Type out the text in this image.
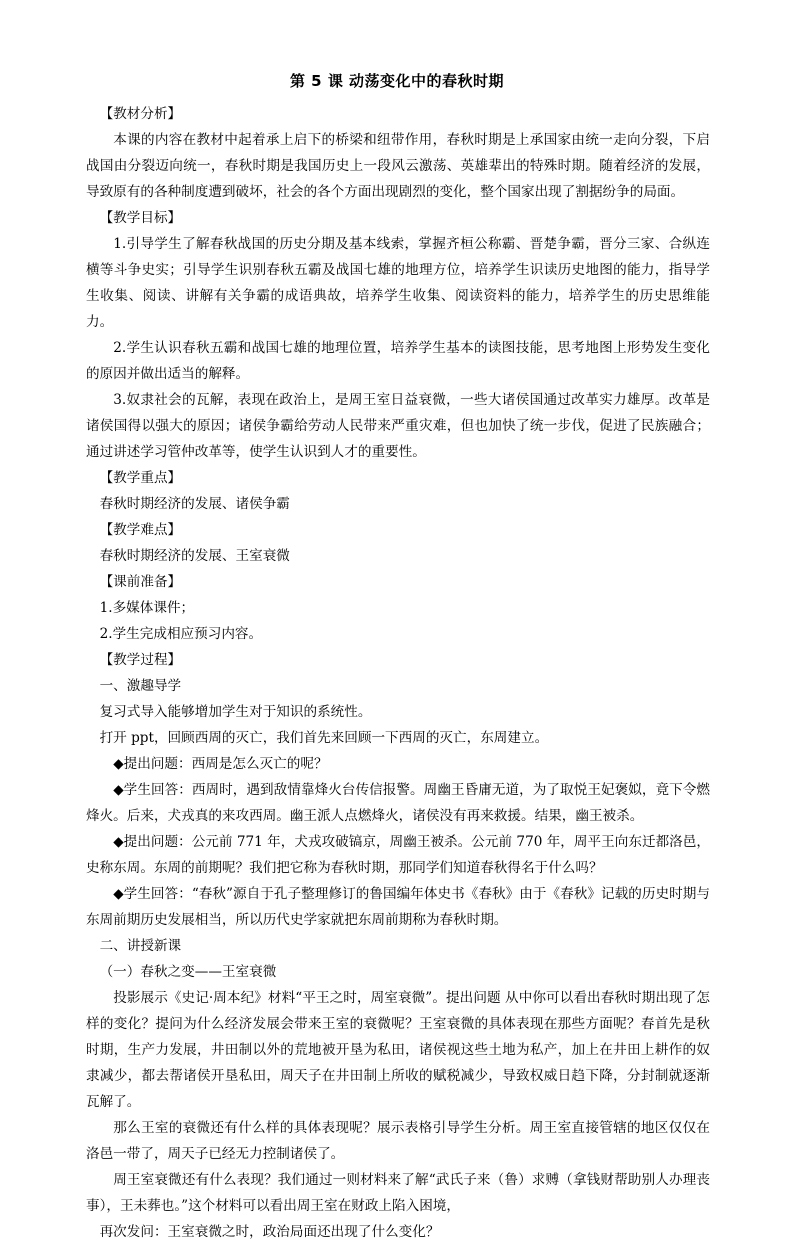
第 5 课 动荡变化中的春秋时期

【教材分析】

本课的内容在教材中起着承上启下的桥梁和纽带作用，春秋时期是上承国家由统一走向分裂，下启战国由分裂迈向统一，春秋时期是我国历史上一段风云激荡、英雄辈出的特殊时期。随着经济的发展，导致原有的各种制度遭到破坏，社会的各个方面出现剧烈的变化，整个国家出现了割据纷争的局面。

【教学目标】

1.引导学生了解春秋战国的历史分期及基本线索，掌握齐桓公称霸、晋楚争霸，晋分三家、合纵连横等斗争史实；引导学生识别春秋五霸及战国七雄的地理方位，培养学生识读历史地图的能力，指导学生收集、阅读、讲解有关争霸的成语典故，培养学生收集、阅读资料的能力，培养学生的历史思维能力。

2.学生认识春秋五霸和战国七雄的地理位置，培养学生基本的读图技能，思考地图上形势发生变化的原因并做出适当的解释。

3.奴隶社会的瓦解，表现在政治上，是周王室日益衰微，一些大诸侯国通过改革实力雄厚。改革是诸侯国得以强大的原因；诸侯争霸给劳动人民带来严重灾难，但也加快了统一步伐，促进了民族融合；通过讲述学习管仲改革等，使学生认识到人才的重要性。

【教学重点】

春秋时期经济的发展、诸侯争霸

【教学难点】

春秋时期经济的发展、王室衰微

【课前准备】

1.多媒体课件；

2.学生完成相应预习内容。

【教学过程】

一、激趣导学

复习式导入能够增加学生对于知识的系统性。

打开 ppt，回顾西周的灭亡，我们首先来回顾一下西周的灭亡，东周建立。

◆提出问题：西周是怎么灭亡的呢？

◆学生回答：西周时，遇到敌情靠烽火台传信报警。周幽王昏庸无道，为了取悦王妃褒姒，竟下令燃烽火。后来，犬戎真的来攻西周。幽王派人点燃烽火，诸侯没有再来救援。结果，幽王被杀。

◆提出问题：公元前 771 年，犬戎攻破镐京，周幽王被杀。公元前 770 年，周平王向东迁都洛邑，史称东周。东周的前期呢？我们把它称为春秋时期，那同学们知道春秋得名于什么吗？

◆学生回答：“春秋”源自于孔子整理修订的鲁国编年体史书《春秋》由于《春秋》记载的历史时期与东周前期历史发展相当，所以历代史学家就把东周前期称为春秋时期。

二、讲授新课

（一）春秋之变——王室衰微

投影展示《史记·周本纪》材料“平王之时，周室衰微”。提出问题 从中你可以看出春秋时期出现了怎样的变化？提问为什么经济发展会带来王室的衰微呢？王室衰微的具体表现在那些方面呢？春首先是秋时期，生产力发展，井田制以外的荒地被开垦为私田，诸侯视这些土地为私产，加上在井田上耕作的奴隶减少，都去帮诸侯开垦私田，周天子在井田制上所收的赋税减少，导致权威日趋下降，分封制就逐渐瓦解了。

那么王室的衰微还有什么样的具体表现呢？展示表格引导学生分析。周王室直接管辖的地区仅仅在洛邑一带了，周天子已经无力控制诸侯了。

周王室衰微还有什么表现？我们通过一则材料来了解“武氏子来（鲁）求赙（拿钱财帮助别人办理丧事），王未葬也。”这个材料可以看出周王室在财政上陷入困境，

再次发问：王室衰微之时，政治局面还出现了什么变化？
